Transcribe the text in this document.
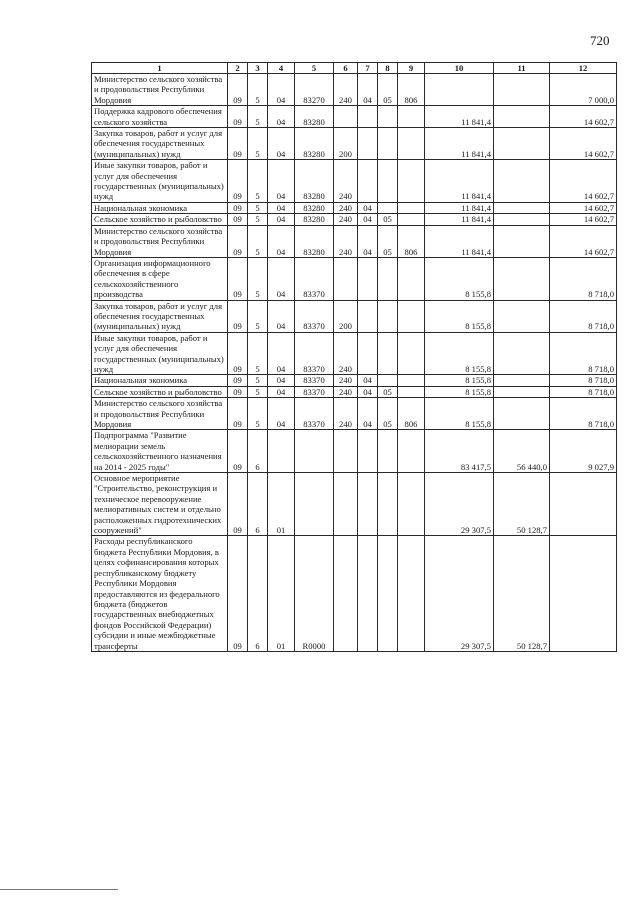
720
1	2	3	4	5	6	7	8	9	10	11	12
Министерство сельского хозяйства и продовольствия Республики Мордовия	09	5	04	83270	240	04	05	806			7 000,0
Поддержка кадрового обеспечения сельского хозяйства	09	5	04	83280					11 841,4		14 602,7
Закупка товаров, работ и услуг для обеспечения государственных (муниципальных) нужд	09	5	04	83280	200				11 841,4		14 602,7
Иные закупки товаров, работ и услуг для обеспечения государственных (муниципальных) нужд	09	5	04	83280	240				11 841,4		14 602,7
Национальная экономика	09	5	04	83280	240	04			11 841,4		14 602,7
Сельское хозяйство и рыболовство	09	5	04	83280	240	04	05		11 841,4		14 602,7
Министерство сельского хозяйства и продовольствия Республики Мордовия	09	5	04	83280	240	04	05	806	11 841,4		14 602,7
Организация информационного обеспечения в сфере сельскохозяйственного производства	09	5	04	83370					8 155,8		8 718,0
Закупка товаров, работ и услуг для обеспечения государственных (муниципальных) нужд	09	5	04	83370	200				8 155,8		8 718,0
Иные закупки товаров, работ и услуг для обеспечения государственных (муниципальных) нужд	09	5	04	83370	240				8 155,8		8 718,0
Национальная экономика	09	5	04	83370	240	04			8 155,8		8 718,0
Сельское хозяйство и рыболовство	09	5	04	83370	240	04	05		8 155,8		8 718,0
Министерство сельского хозяйства и продовольствия Республики Мордовия	09	5	04	83370	240	04	05	806	8 155,8		8 718,0
Подпрограмма "Развитие мелиорации земель сельскохозяйственного назначения на 2014 - 2025 годы"	09	6							83 417,5	56 440,0	9 027,9
Основное мероприятие "Строительство, реконструкция и техническое перевооружение мелиоративных систем и отдельно расположенных гидротехнических сооружений"	09	6	01						29 307,5	50 128,7	
Расходы республиканского бюджета Республики Мордовия, в целях софинансирования которых республиканскому бюджету Республики Мордовия предоставляются из федерального бюджета (бюджетов государственных внебюджетных фондов Российской Федерации) субсидии и иные межбюджетные трансферты	09	6	01	R0000					29 307,5	50 128,7	
